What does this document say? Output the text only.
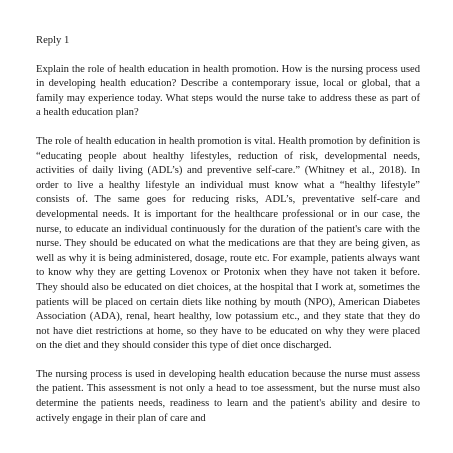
Reply 1

Explain the role of health education in health promotion. How is the nursing process used in developing health education? Describe a contemporary issue, local or global, that a family may experience today. What steps would the nurse take to address these as part of a health education plan?

The role of health education in health promotion is vital. Health promotion by definition is “educating people about healthy lifestyles, reduction of risk, developmental needs, activities of daily living (ADL’s) and preventive self-care.” (Whitney et al., 2018). In order to live a healthy lifestyle an individual must know what a “healthy lifestyle” consists of. The same goes for reducing risks, ADL’s, preventative self-care and developmental needs. It is important for the healthcare professional or in our case, the nurse, to educate an individual continuously for the duration of the patient's care with the nurse. They should be educated on what the medications are that they are being given, as well as why it is being administered, dosage, route etc. For example, patients always want to know why they are getting Lovenox or Protonix when they have not taken it before. They should also be educated on diet choices, at the hospital that I work at, sometimes the patients will be placed on certain diets like nothing by mouth (NPO), American Diabetes Association (ADA), renal, heart healthy, low potassium etc., and they state that they do not have diet restrictions at home, so they have to be educated on why they were placed on the diet and they should consider this type of diet once discharged.

The nursing process is used in developing health education because the nurse must assess the patient. This assessment is not only a head to toe assessment, but the nurse must also determine the patients needs, readiness to learn and the patient's ability and desire to actively engage in their plan of care and
